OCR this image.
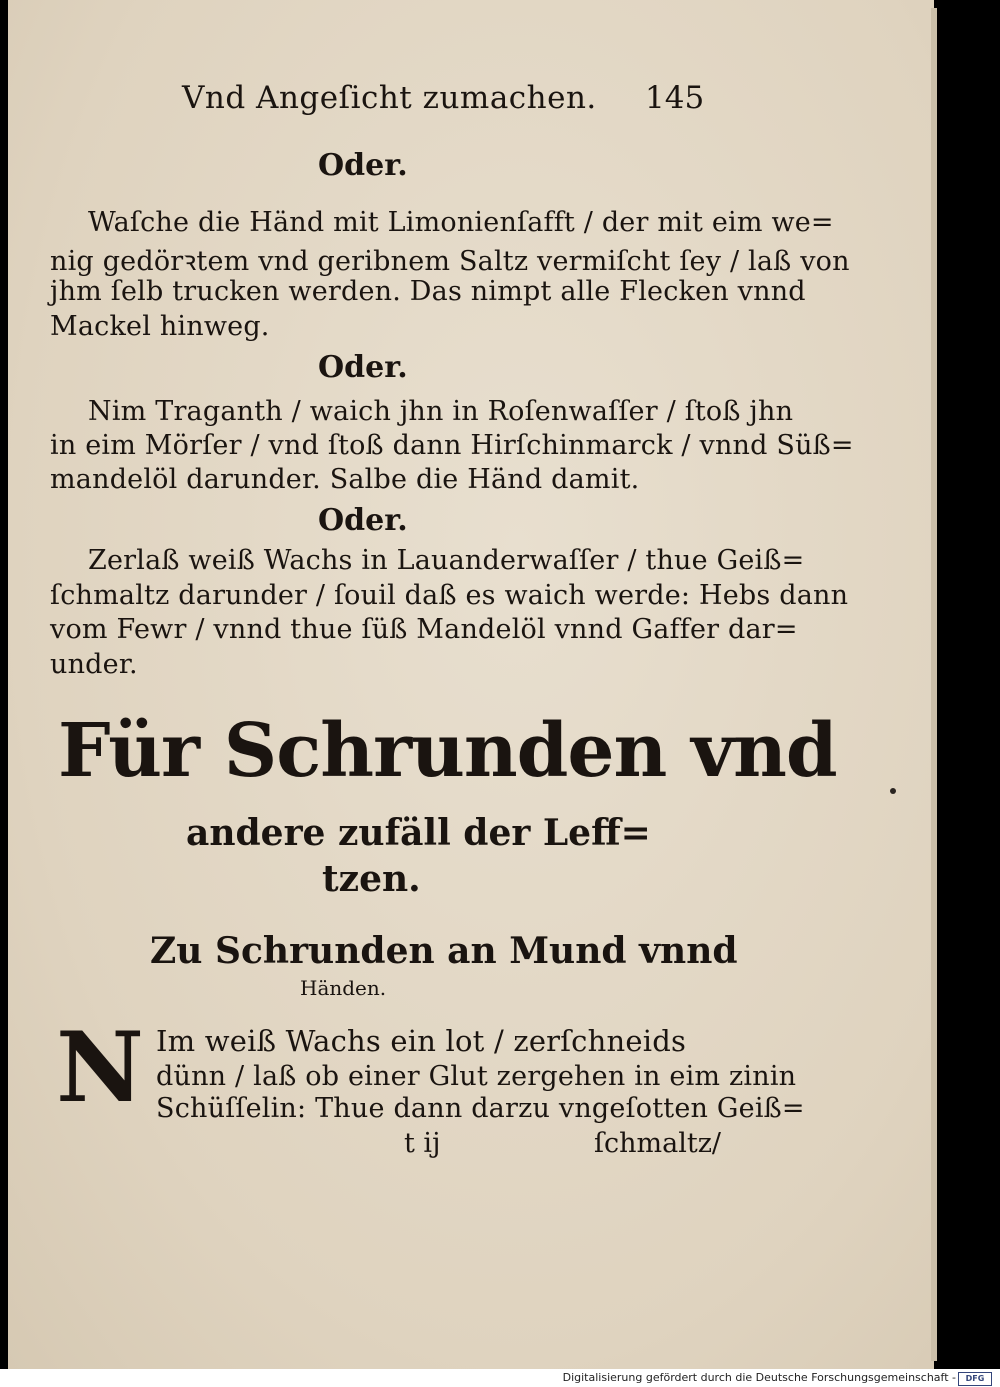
Vnd Angeſicht zumachen. 145
Oder.
Waſche die Händ mit Limonienſafft / der mit eim we=
nig gedörꝛtem vnd geribnem Saltz vermiſcht ſey / laß von
jhm ſelb trucken werden. Das nimpt alle Flecken vnnd
Mackel hinweg.
Oder.
Nim Traganth / waich jhn in Roſenwaſſer / ſtoß jhn
in eim Mörſer / vnd ſtoß dann Hirſchinmarck / vnnd Süß=
mandelöl darunder. Salbe die Händ damit.
Oder.
Zerlaß weiß Wachs in Lauanderwaſſer / thue Geiß=
ſchmaltz darunder / ſouil daß es waich werde: Hebs dann
vom Fewr / vnnd thue ſüß Mandelöl vnnd Gaffer dar=
under.
Für Schrunden vnd
andere zufäll der Leff=
tzen.
Zu Schrunden an Mund vnnd
Händen.
N Im weiß Wachs ein lot / zerſchneids
dünn / laß ob einer Glut zergehen in eim zinin
Schüſſelin: Thue dann darzu vngeſotten Geiß=
t ij	ſchmaltz/
Digitalisierung gefördert durch die Deutsche Forschungsgemeinschaft -	DFG
